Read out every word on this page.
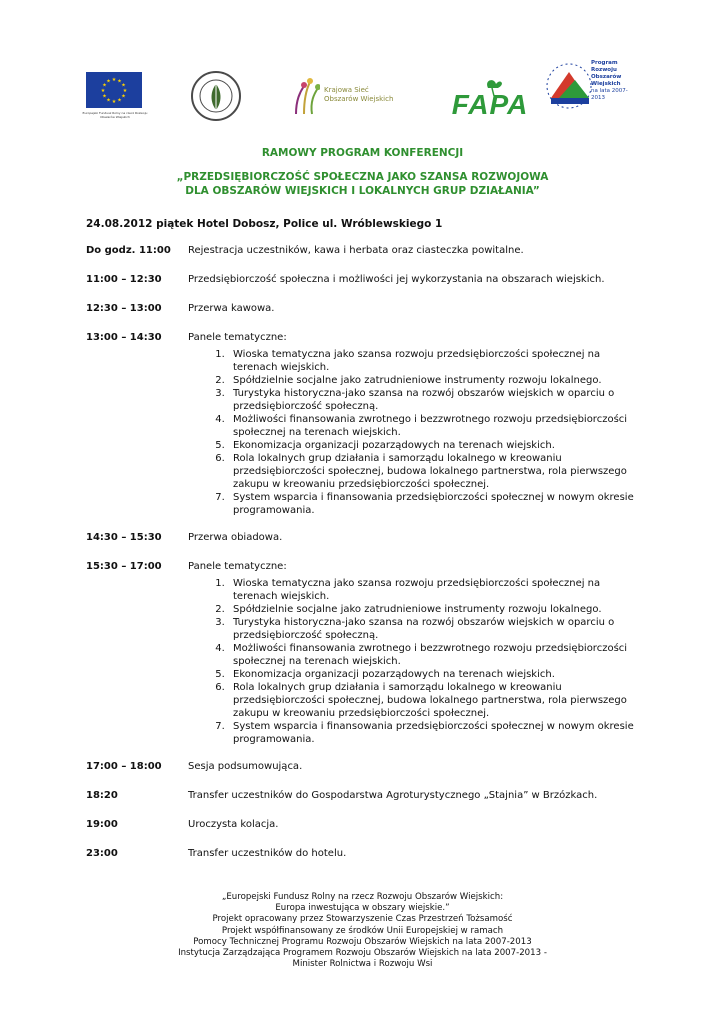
★
★
★
★
★
★
★
★
★ ★ ★
★
Europejski Fundusz Rolny na rzecz Rozwoju Obszarów Wiejskich
Krajowa Sieć
Obszarów Wiejskich FAPA
Program
Rozwoju
Obszarów
Wiejskich
na lata 2007-2013
RAMOWY PROGRAM KONFERENCJI
„PRZEDSIĘBIORCZOŚĆ SPOŁECZNA JAKO SZANSA ROZWOJOWA
DLA OBSZARÓW WIEJSKICH I LOKALNYCH GRUP DZIAŁANIA”
24.08.2012 piątek Hotel Dobosz, Police ul. Wróblewskiego 1
Do godz. 11:00	Rejestracja uczestników, kawa i herbata oraz ciasteczka powitalne.
11:00 – 12:30	Przedsiębiorczość społeczna i możliwości jej wykorzystania na obszarach wiejskich.
12:30 – 13:00	Przerwa kawowa.
13:00 – 14:30	Panele tematyczne:
1. Wioska tematyczna jako szansa rozwoju przedsiębiorczości społecznej na terenach wiejskich.
2. Spółdzielnie socjalne jako zatrudnieniowe instrumenty rozwoju lokalnego.
3. Turystyka historyczna-jako szansa na rozwój obszarów wiejskich w oparciu o przedsiębiorczość społeczną.
4. Możliwości finansowania zwrotnego i bezzwrotnego rozwoju przedsiębiorczości społecznej na terenach wiejskich.
5. Ekonomizacja organizacji pozarządowych na terenach wiejskich.
6. Rola lokalnych grup działania i samorządu lokalnego w kreowaniu przedsiębiorczości społecznej, budowa lokalnego partnerstwa, rola pierwszego zakupu w kreowaniu przedsiębiorczości społecznej.
7. System wsparcia i finansowania przedsiębiorczości społecznej w nowym okresie programowania.
14:30 – 15:30	Przerwa obiadowa.
15:30 – 17:00	Panele tematyczne:
1. Wioska tematyczna jako szansa rozwoju przedsiębiorczości społecznej na terenach wiejskich.
2. Spółdzielnie socjalne jako zatrudnieniowe instrumenty rozwoju lokalnego.
3. Turystyka historyczna-jako szansa na rozwój obszarów wiejskich w oparciu o przedsiębiorczość społeczną.
4. Możliwości finansowania zwrotnego i bezzwrotnego rozwoju przedsiębiorczości społecznej na terenach wiejskich.
5. Ekonomizacja organizacji pozarządowych na terenach wiejskich.
6. Rola lokalnych grup działania i samorządu lokalnego w kreowaniu przedsiębiorczości społecznej, budowa lokalnego partnerstwa, rola pierwszego zakupu w kreowaniu przedsiębiorczości społecznej.
7. System wsparcia i finansowania przedsiębiorczości społecznej w nowym okresie programowania.
17:00 – 18:00	Sesja podsumowująca.
18:20	Transfer uczestników do Gospodarstwa Agroturystycznego „Stajnia” w Brzózkach.
19:00	Uroczysta kolacja.
23:00	Transfer uczestników do hotelu.
„Europejski Fundusz Rolny na rzecz Rozwoju Obszarów Wiejskich:
Europa inwestująca w obszary wiejskie.”
Projekt opracowany przez Stowarzyszenie Czas Przestrzeń Tożsamość
Projekt współfinansowany ze środków Unii Europejskiej w ramach
Pomocy Technicznej Programu Rozwoju Obszarów Wiejskich na lata 2007-2013
Instytucja Zarządzająca Programem Rozwoju Obszarów Wiejskich na lata 2007-2013 -
Minister Rolnictwa i Rozwoju Wsi
